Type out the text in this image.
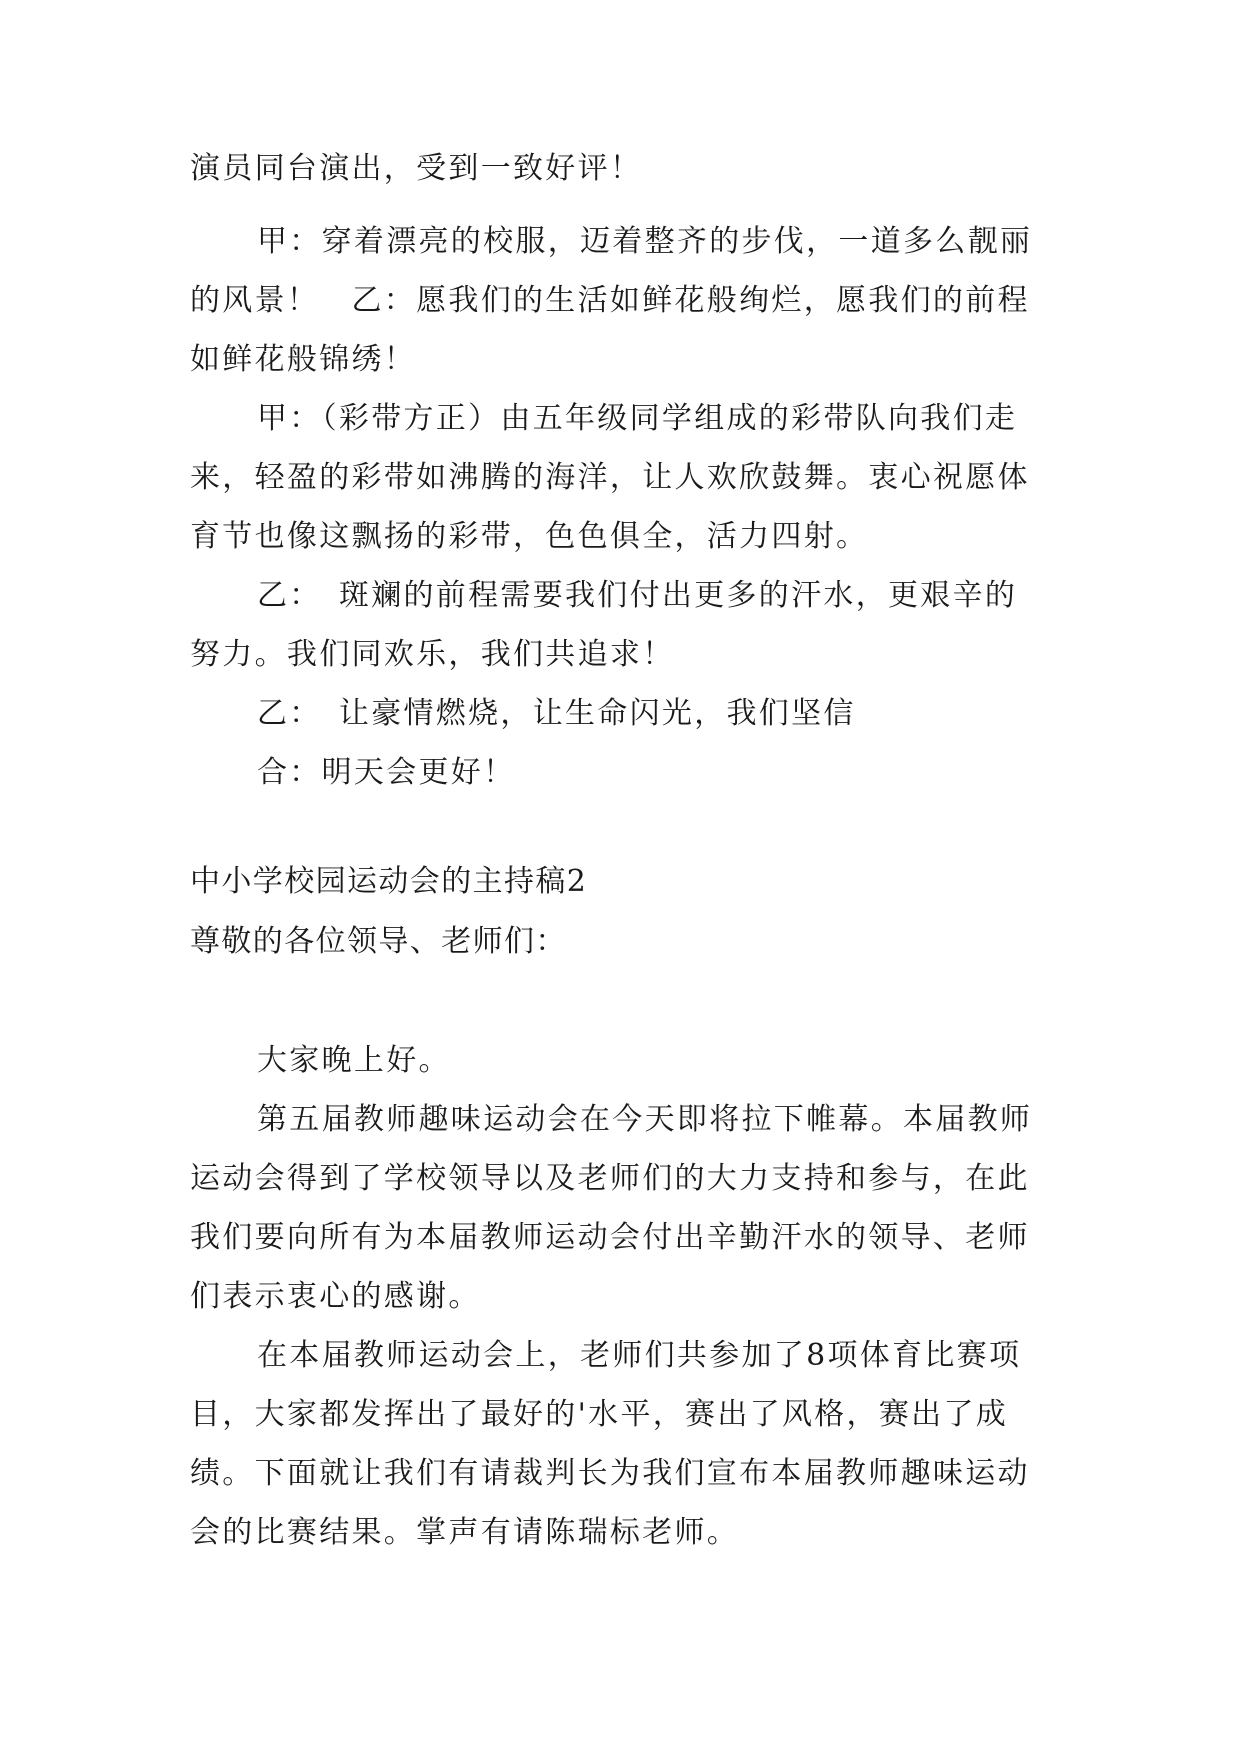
演员同台演出，受到一致好评！
甲：穿着漂亮的校服，迈着整齐的步伐，一道多么靓丽
的风景！　乙：愿我们的生活如鲜花般绚烂，愿我们的前程
如鲜花般锦绣！
甲：（彩带方正）由五年级同学组成的彩带队向我们走
来，轻盈的彩带如沸腾的海洋，让人欢欣鼓舞。衷心祝愿体
育节也像这飘扬的彩带，色色俱全，活力四射。
乙：　斑斓的前程需要我们付出更多的汗水，更艰辛的
努力。我们同欢乐，我们共追求！
乙：　让豪情燃烧，让生命闪光，我们坚信
合：明天会更好！
中小学校园运动会的主持稿2
尊敬的各位领导、老师们：
大家晚上好。
第五届教师趣味运动会在今天即将拉下帷幕。本届教师
运动会得到了学校领导以及老师们的大力支持和参与，在此
我们要向所有为本届教师运动会付出辛勤汗水的领导、老师
们表示衷心的感谢。
在本届教师运动会上，老师们共参加了8项体育比赛项
目，大家都发挥出了最好的'水平，赛出了风格，赛出了成
绩。下面就让我们有请裁判长为我们宣布本届教师趣味运动
会的比赛结果。掌声有请陈瑞标老师。
